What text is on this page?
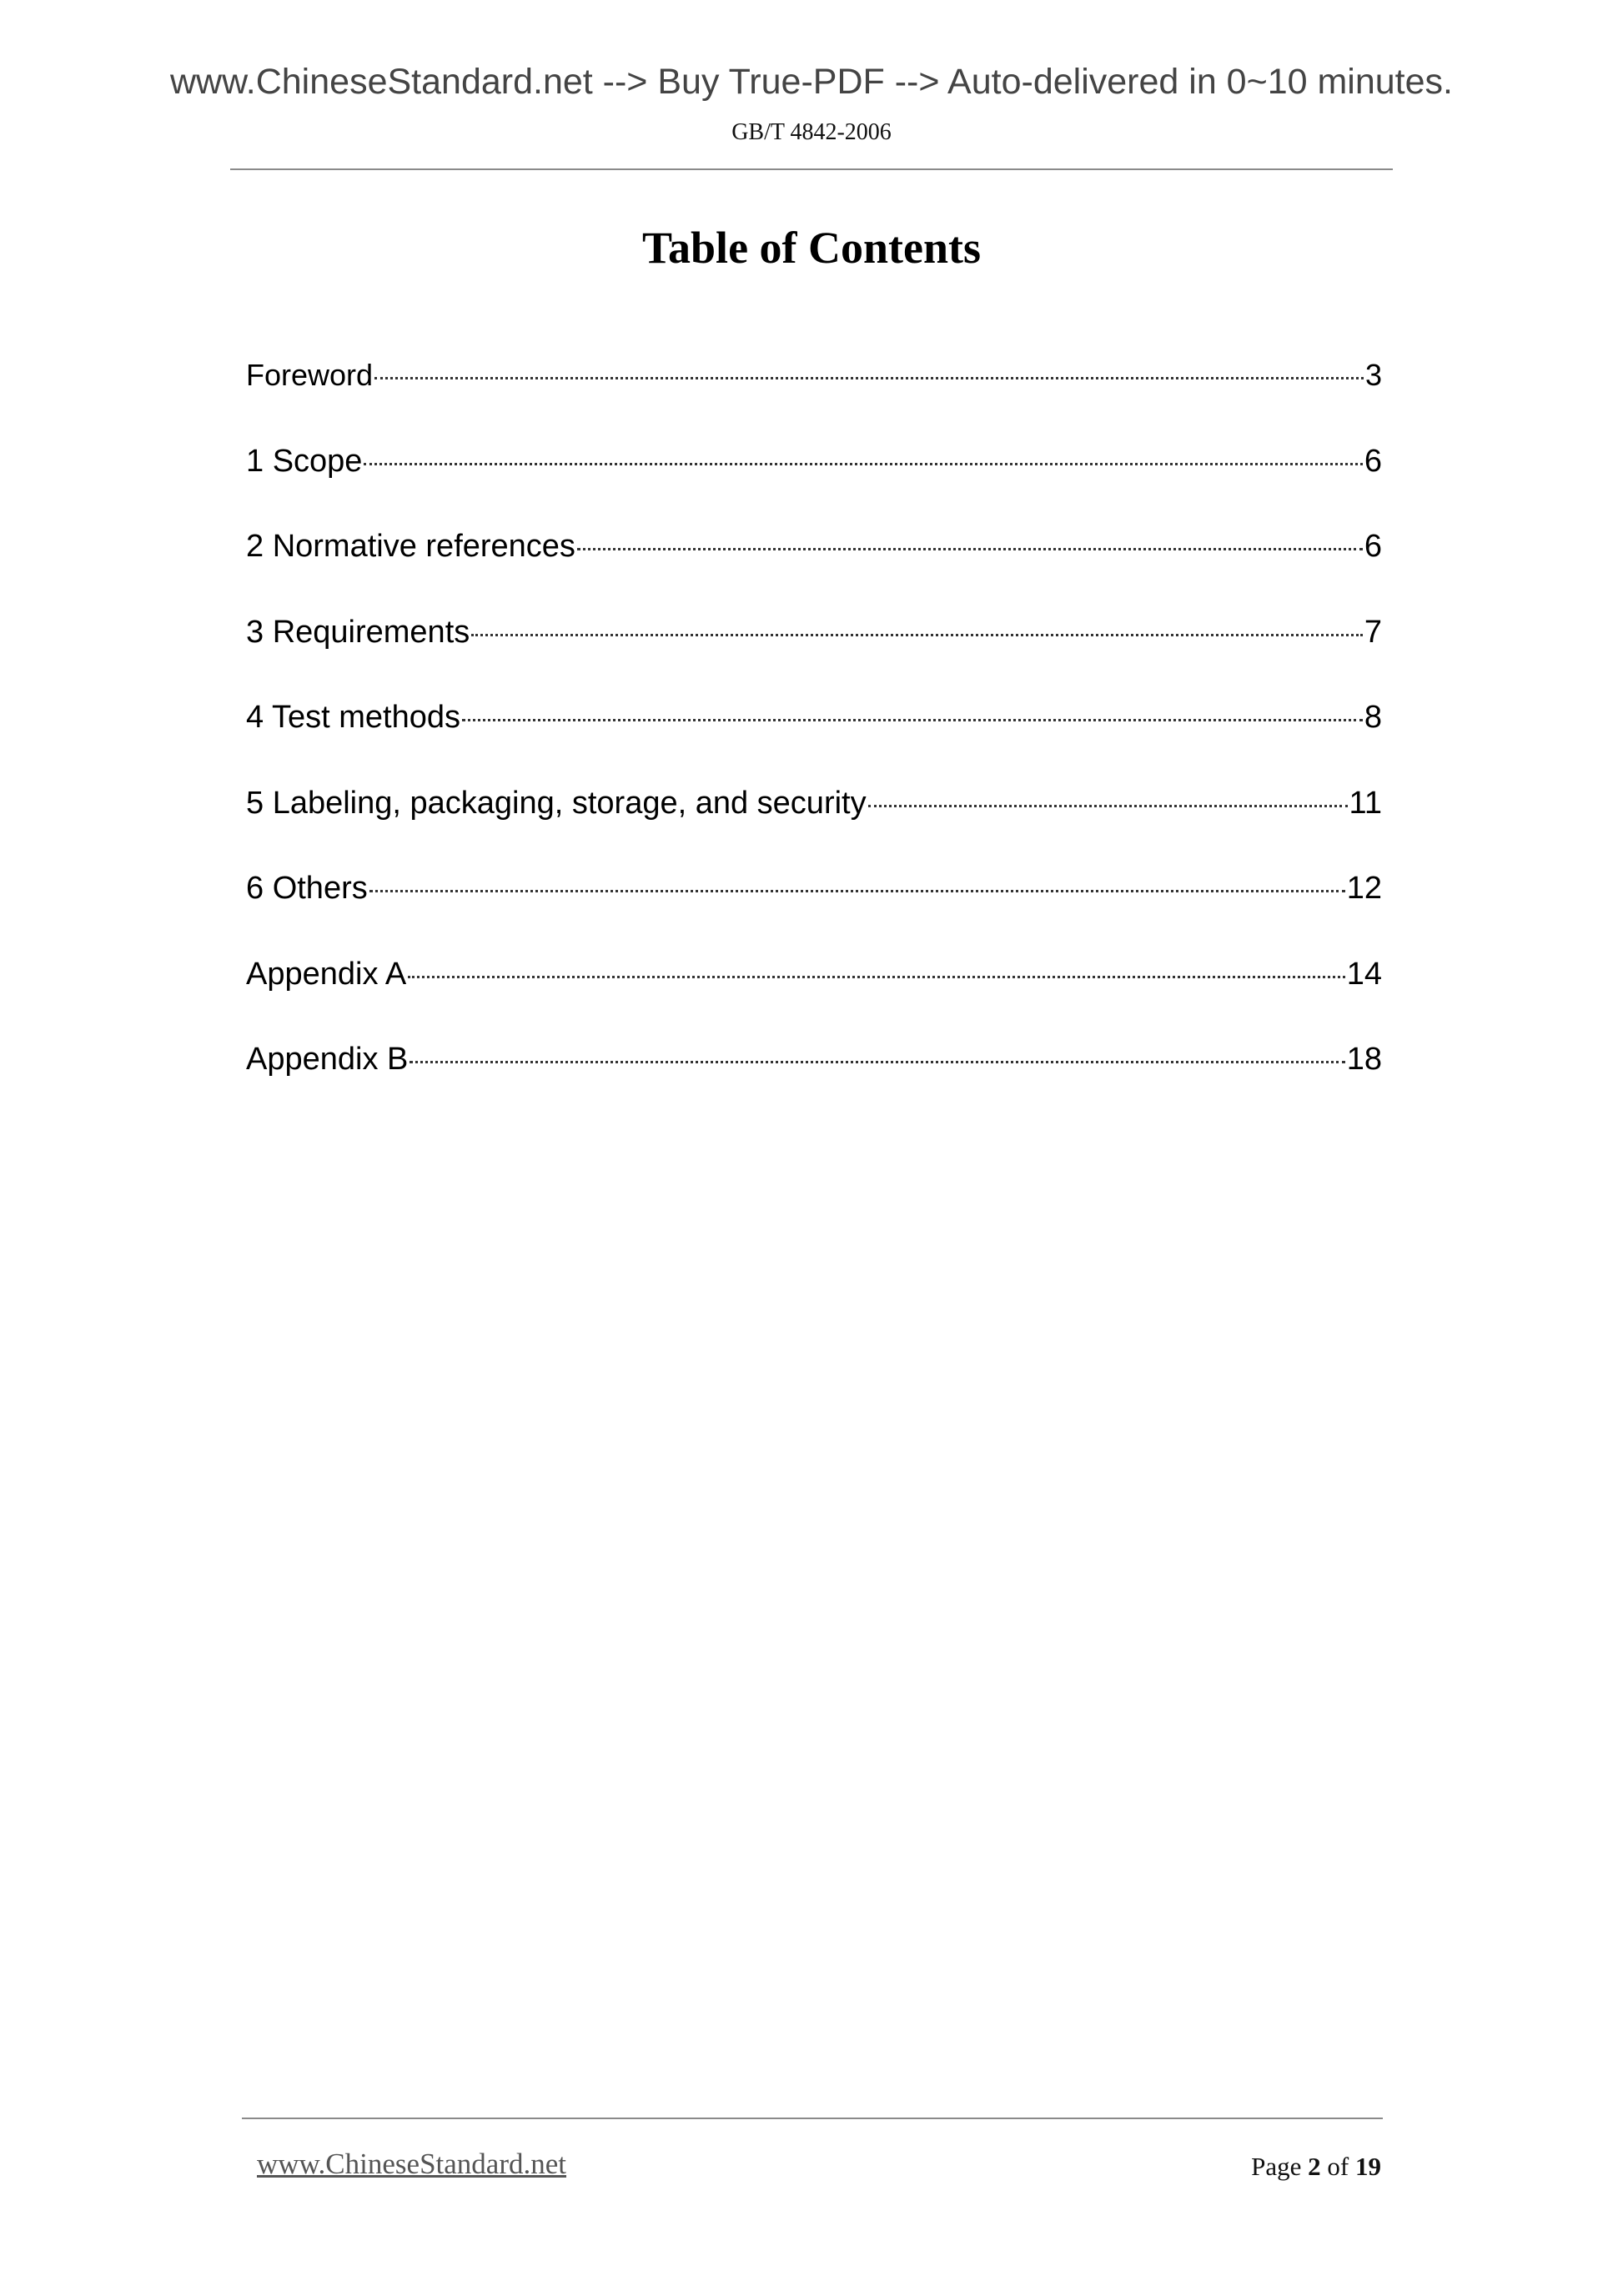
www.ChineseStandard.net --> Buy True-PDF --> Auto-delivered in 0~10 minutes.
GB/T 4842-2006
Table of Contents
Foreword	3
1 Scope	6
2 Normative references	6
3 Requirements	7
4 Test methods	8
5 Labeling, packaging, storage, and security	11
6 Others	12
Appendix A	14
Appendix B	18
www.ChineseStandard.net	Page 2 of 19
